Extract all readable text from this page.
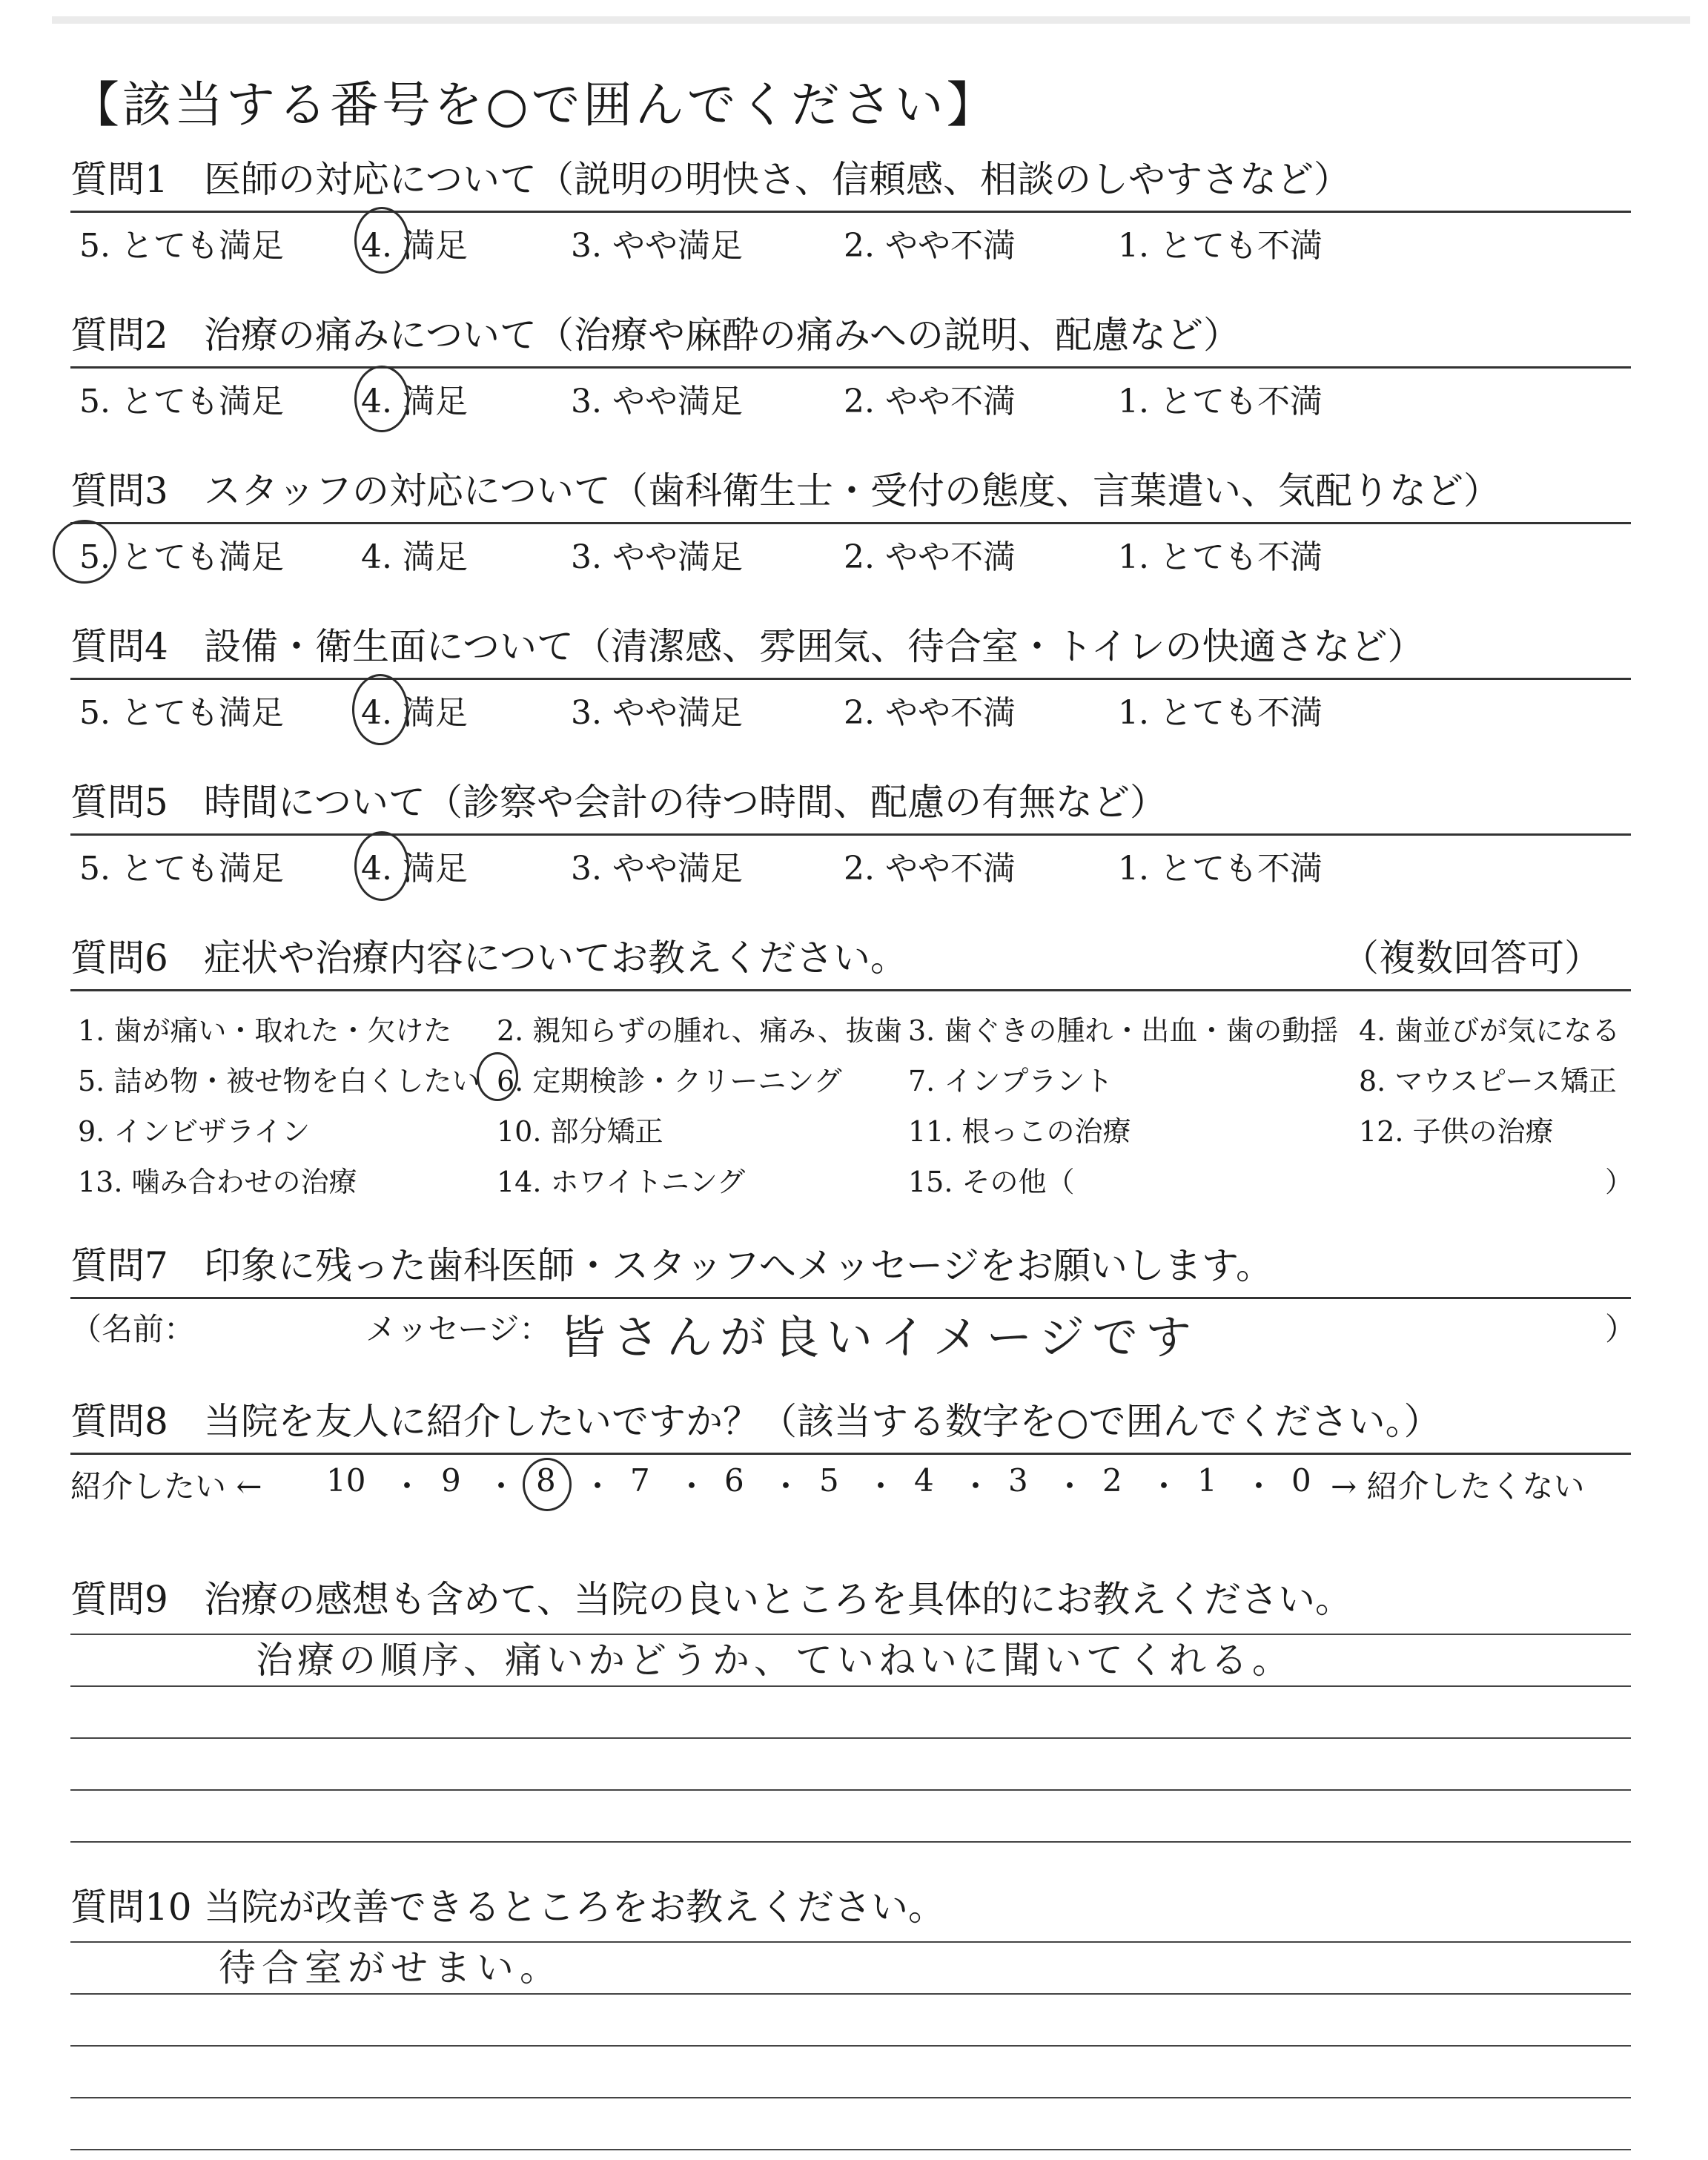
【該当する番号を○で囲んでください】
質問1 医師の対応について（説明の明快さ、信頼感、相談のしやすさなど）
5. とても満足 4. 満足	3. やや満足	2. やや不満	1. とても不満
質問2 治療の痛みについて（治療や麻酔の痛みへの説明、配慮など）
5. とても満足 4. 満足	3. やや満足	2. やや不満	1. とても不満
質問3 スタッフの対応について（歯科衛生士・受付の態度、言葉遣い、気配りなど）
5. とても満足 4. 満足	3. やや満足	2. やや不満	1. とても不満
質問4 設備・衛生面について（清潔感、雰囲気、待合室・トイレの快適さなど）
5. とても満足 4. 満足	3. やや満足	2. やや不満	1. とても不満
質問5 時間について（診察や会計の待つ時間、配慮の有無など）
5. とても満足 4. 満足	3. やや満足	2. やや不満	1. とても不満
質問6 症状や治療内容についてお教えください。	（複数回答可）
1. 歯が痛い・取れた・欠けた 2. 親知らずの腫れ、痛み、抜歯 3. 歯ぐきの腫れ・出血・歯の動揺 4. 歯並びが気になる
5. 詰め物・被せ物を白くしたい 6. 定期検診・クリーニング 7. インプラント	8. マウスピース矯正
9. インビザライン	10. 部分矯正	11. 根っこの治療	12. 子供の治療
13. 噛み合わせの治療	14. ホワイトニング	15. その他（	）
質問7 印象に残った歯科医師・スタッフへメッセージをお願いします。
（名前：	メッセージ： 皆さんが良いイメージです	）
質問8 当院を友人に紹介したいですか？（該当する数字を○で囲んでください。）
紹介したい ← 10 ・ 9 ・ 8 ・ 7 ・ 6 ・ 5 ・ 4 ・ 3 ・ 2 ・ 1 ・ 0 → 紹介したくない
質問9 治療の感想も含めて、当院の良いところを具体的にお教えください。
治療の順序、痛いかどうか、ていねいに聞いてくれる。
質問10 当院が改善できるところをお教えください。
待合室がせまい。
